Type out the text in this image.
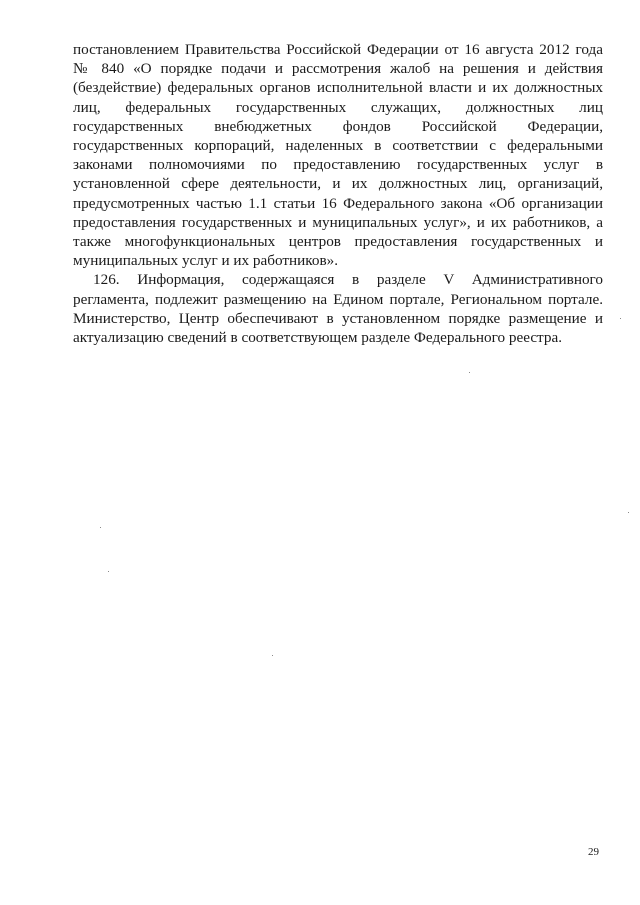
постановлением Правительства Российской Федерации от 16 августа 2012 года
№ 840 «О порядке подачи и рассмотрения жалоб на решения и действия
(бездействие) федеральных органов исполнительной власти и их должностных
лиц, федеральных государственных служащих, должностных лиц
государственных внебюджетных фондов Российской Федерации,
государственных корпораций, наделенных в соответствии с федеральными
законами полномочиями по предоставлению государственных услуг в
установленной сфере деятельности, и их должностных лиц, организаций,
предусмотренных частью 1.1 статьи 16 Федерального закона «Об организации
предоставления государственных и муниципальных услуг», и их работников, а
также многофункциональных центров предоставления государственных и
муниципальных услуг и их работников».

126. Информация, содержащаяся в разделе V Административного
регламента, подлежит размещению на Едином портале, Региональном портале.
Министерство, Центр обеспечивают в установленном порядке размещение и
актуализацию сведений в соответствующем разделе Федерального реестра.

29
